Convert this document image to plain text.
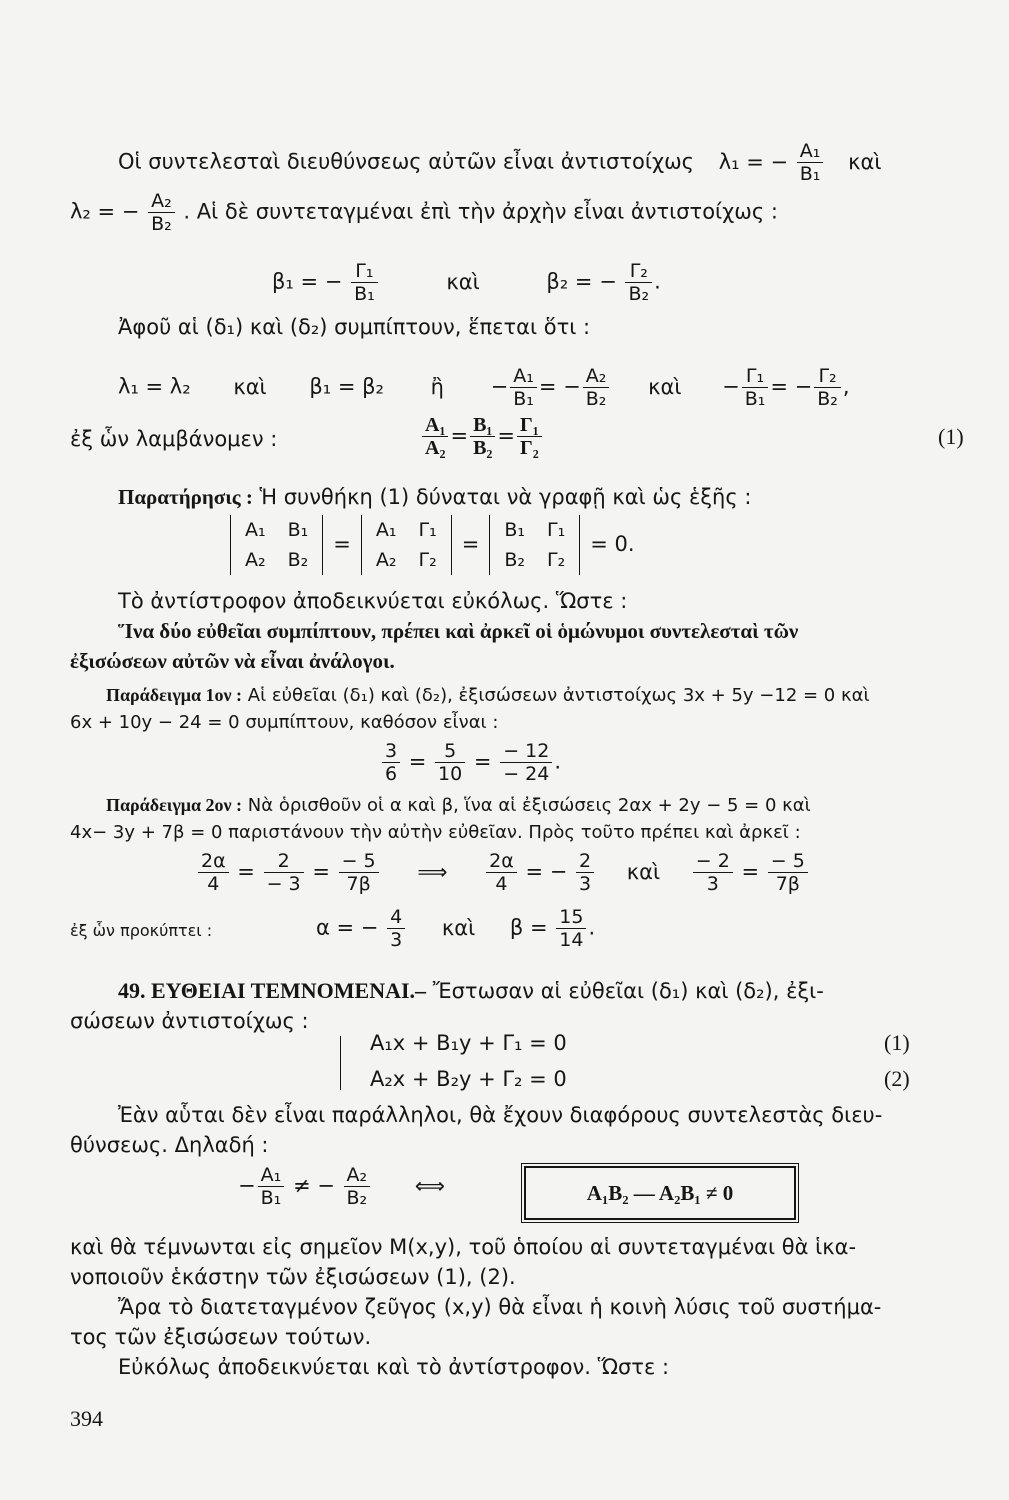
Οἱ συντελεσταὶ διευθύνσεως αὐτῶν εἶναι ἀντιστοίχως λ₁ = − $\frac{\text{A₁}}{\text{B₁}}$ καὶ
λ₂ = − $\frac{\text{A₂}}{\text{B₂}}$ . Αἱ δὲ συντεταγμέναι ἐπὶ τὴν ἀρχὴν εἶναι ἀντιστοίχως :
β₁ = − $\frac{\text{Γ₁}}{\text{B₁}}$	καὶ	β₂ = − $\frac{\text{Γ₂}}{\text{B₂}}$ .
Ἀφοῦ αἱ (δ₁) καὶ (δ₂) συμπίπτουν, ἕπεται ὅτι :
λ₁ = λ₂ καὶ β₁ = β₂ ἢ − $\frac{\text{A₁}}{\text{B₁}}$ = − $\frac{\text{A₂}}{\text{B₂}}$ καὶ − $\frac{\text{Γ₁}}{\text{B₁}}$ = − $\frac{\text{Γ₂}}{\text{B₂}}$ ,
ἐξ ὧν λαμβάνομεν :	$\frac{\text{A₁}}{\text{A₂}} = \frac{\text{B₁}}{\text{B₂}} = \frac{\text{Γ₁}}{\text{Γ₂}}$	(1)
Παρατήρησις : Ἡ συνθήκη (1) δύναται νὰ γραφῇ καὶ ὡς ἑξῆς :
A₁ B₁
A₂ B₂
=
A₁ Γ₁
A₂ Γ₂
=
B₁ Γ₁
B₂ Γ₂
= 0.
Τὸ ἀντίστροφον ἀποδεικνύεται εὐκόλως. Ὥστε :
Ἵνα δύο εὐθεῖαι συμπίπτουν, πρέπει καὶ ἀρκεῖ οἱ ὁμώνυμοι συντελεσταὶ τῶν
ἐξισώσεων αὐτῶν νὰ εἶναι ἀνάλογοι.
Παράδειγμα 1ον : Αἱ εὐθεῖαι (δ₁) καὶ (δ₂), ἐξισώσεων ἀντιστοίχως 3x + 5y −12 = 0 καὶ
6x + 10y − 24 = 0 συμπίπτουν, καθόσον εἶναι :
$\frac{3}{6} = \frac{5}{10} = \frac{- 12}{- 24}$ .
Παράδειγμα 2ον : Νὰ ὁρισθοῦν οἱ α καὶ β, ἵνα αἱ ἐξισώσεις 2αx + 2y − 5 = 0 καὶ
4x− 3y + 7β = 0 παριστάνουν τὴν αὐτὴν εὐθεῖαν. Πρὸς τοῦτο πρέπει καὶ ἀρκεῖ :
$\frac{2\alpha}{4} = \frac{2}{- 3} = \frac{- 5}{7\beta}$ ⟹ $\frac{2\alpha}{4}$ = − $\frac{2}{3}$ καὶ $\frac{- 2}{3} = \frac{- 5}{7\beta}$
ἐξ ὧν προκύπτει :	α = − $\frac{4}{3}$ καὶ $\beta = \frac{15}{14}$ .
49. ΕΥΘΕΙΑΙ ΤΕΜΝΟΜΕΝΑΙ.– Ἔστωσαν αἱ εὐθεῖαι (δ₁) καὶ (δ₂), ἐξι-
σώσεων ἀντιστοίχως :
A₁x + B₁y + Γ₁ = 0	(1)
A₂x + B₂y + Γ₂ = 0	(2)
Ἐὰν αὗται δὲν εἶναι παράλληλοι, θὰ ἔχουν διαφόρους συντελεστὰς διευ-
θύνσεως. Δηλαδή :
− $\frac{\text{A₁}}{\text{B₁}}$ ≠ − $\frac{\text{A₂}}{\text{B₂}}$ ⟺	A₁B₂ — A₂B₁ ≠ 0
καὶ θὰ τέμνωνται εἰς σημεῖον M(x,y), τοῦ ὁποίου αἱ συντεταγμέναι θὰ ἱκα-
νοποιοῦν ἑκάστην τῶν ἐξισώσεων (1), (2).
Ἄρα τὸ διατεταγμένον ζεῦγος (x,y) θὰ εἶναι ἡ κοινὴ λύσις τοῦ συστήμα-
τος τῶν ἐξισώσεων τούτων.
Εὐκόλως ἀποδεικνύεται καὶ τὸ ἀντίστροφον. Ὥστε :
394
